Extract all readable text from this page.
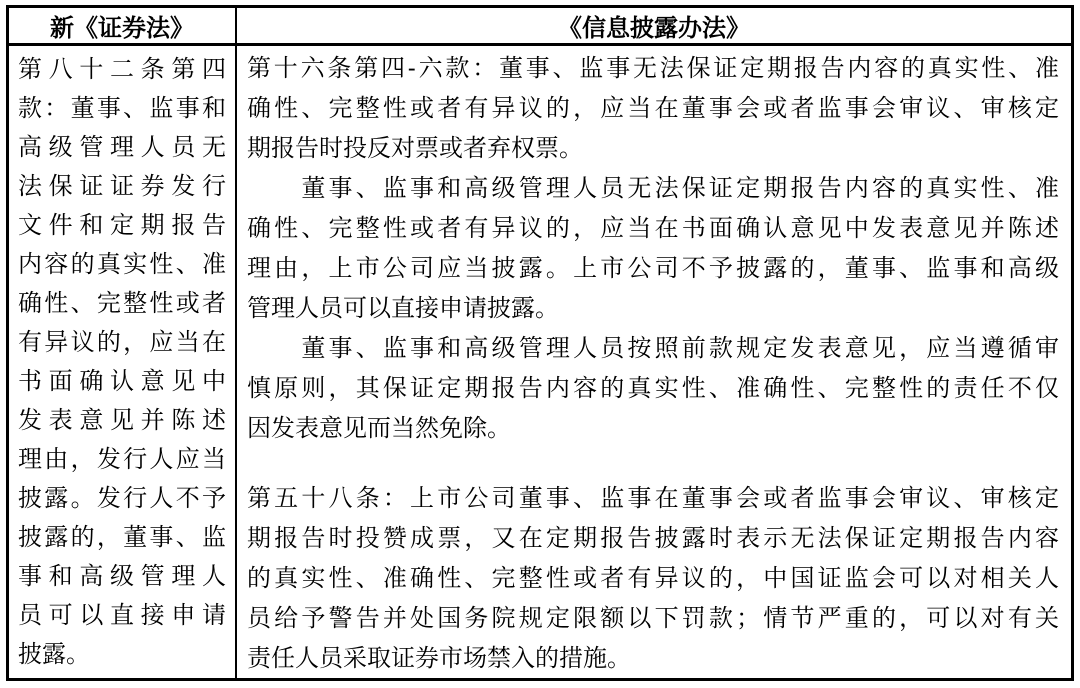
新《证券法》	《信息披露办法》
第八十二条第四
款：董事、监事和
高级管理人员无
法保证证券发行
文件和定期报告
内容的真实性、准
确性、完整性或者
有异议的，应当在
书面确认意见中
发表意见并陈述
理由，发行人应当
披露。发行人不予
披露的，董事、监
事和高级管理人
员可以直接申请
披露。
第十六条第四-六款：董事、监事无法保证定期报告内容的真实性、准
确性、完整性或者有异议的，应当在董事会或者监事会审议、审核定
期报告时投反对票或者弃权票。
　　董事、监事和高级管理人员无法保证定期报告内容的真实性、准
确性、完整性或者有异议的，应当在书面确认意见中发表意见并陈述
理由，上市公司应当披露。上市公司不予披露的，董事、监事和高级
管理人员可以直接申请披露。
　　董事、监事和高级管理人员按照前款规定发表意见，应当遵循审
慎原则，其保证定期报告内容的真实性、准确性、完整性的责任不仅
因发表意见而当然免除。
第五十八条：上市公司董事、监事在董事会或者监事会审议、审核定
期报告时投赞成票，又在定期报告披露时表示无法保证定期报告内容
的真实性、准确性、完整性或者有异议的，中国证监会可以对相关人
员给予警告并处国务院规定限额以下罚款；情节严重的，可以对有关
责任人员采取证券市场禁入的措施。
